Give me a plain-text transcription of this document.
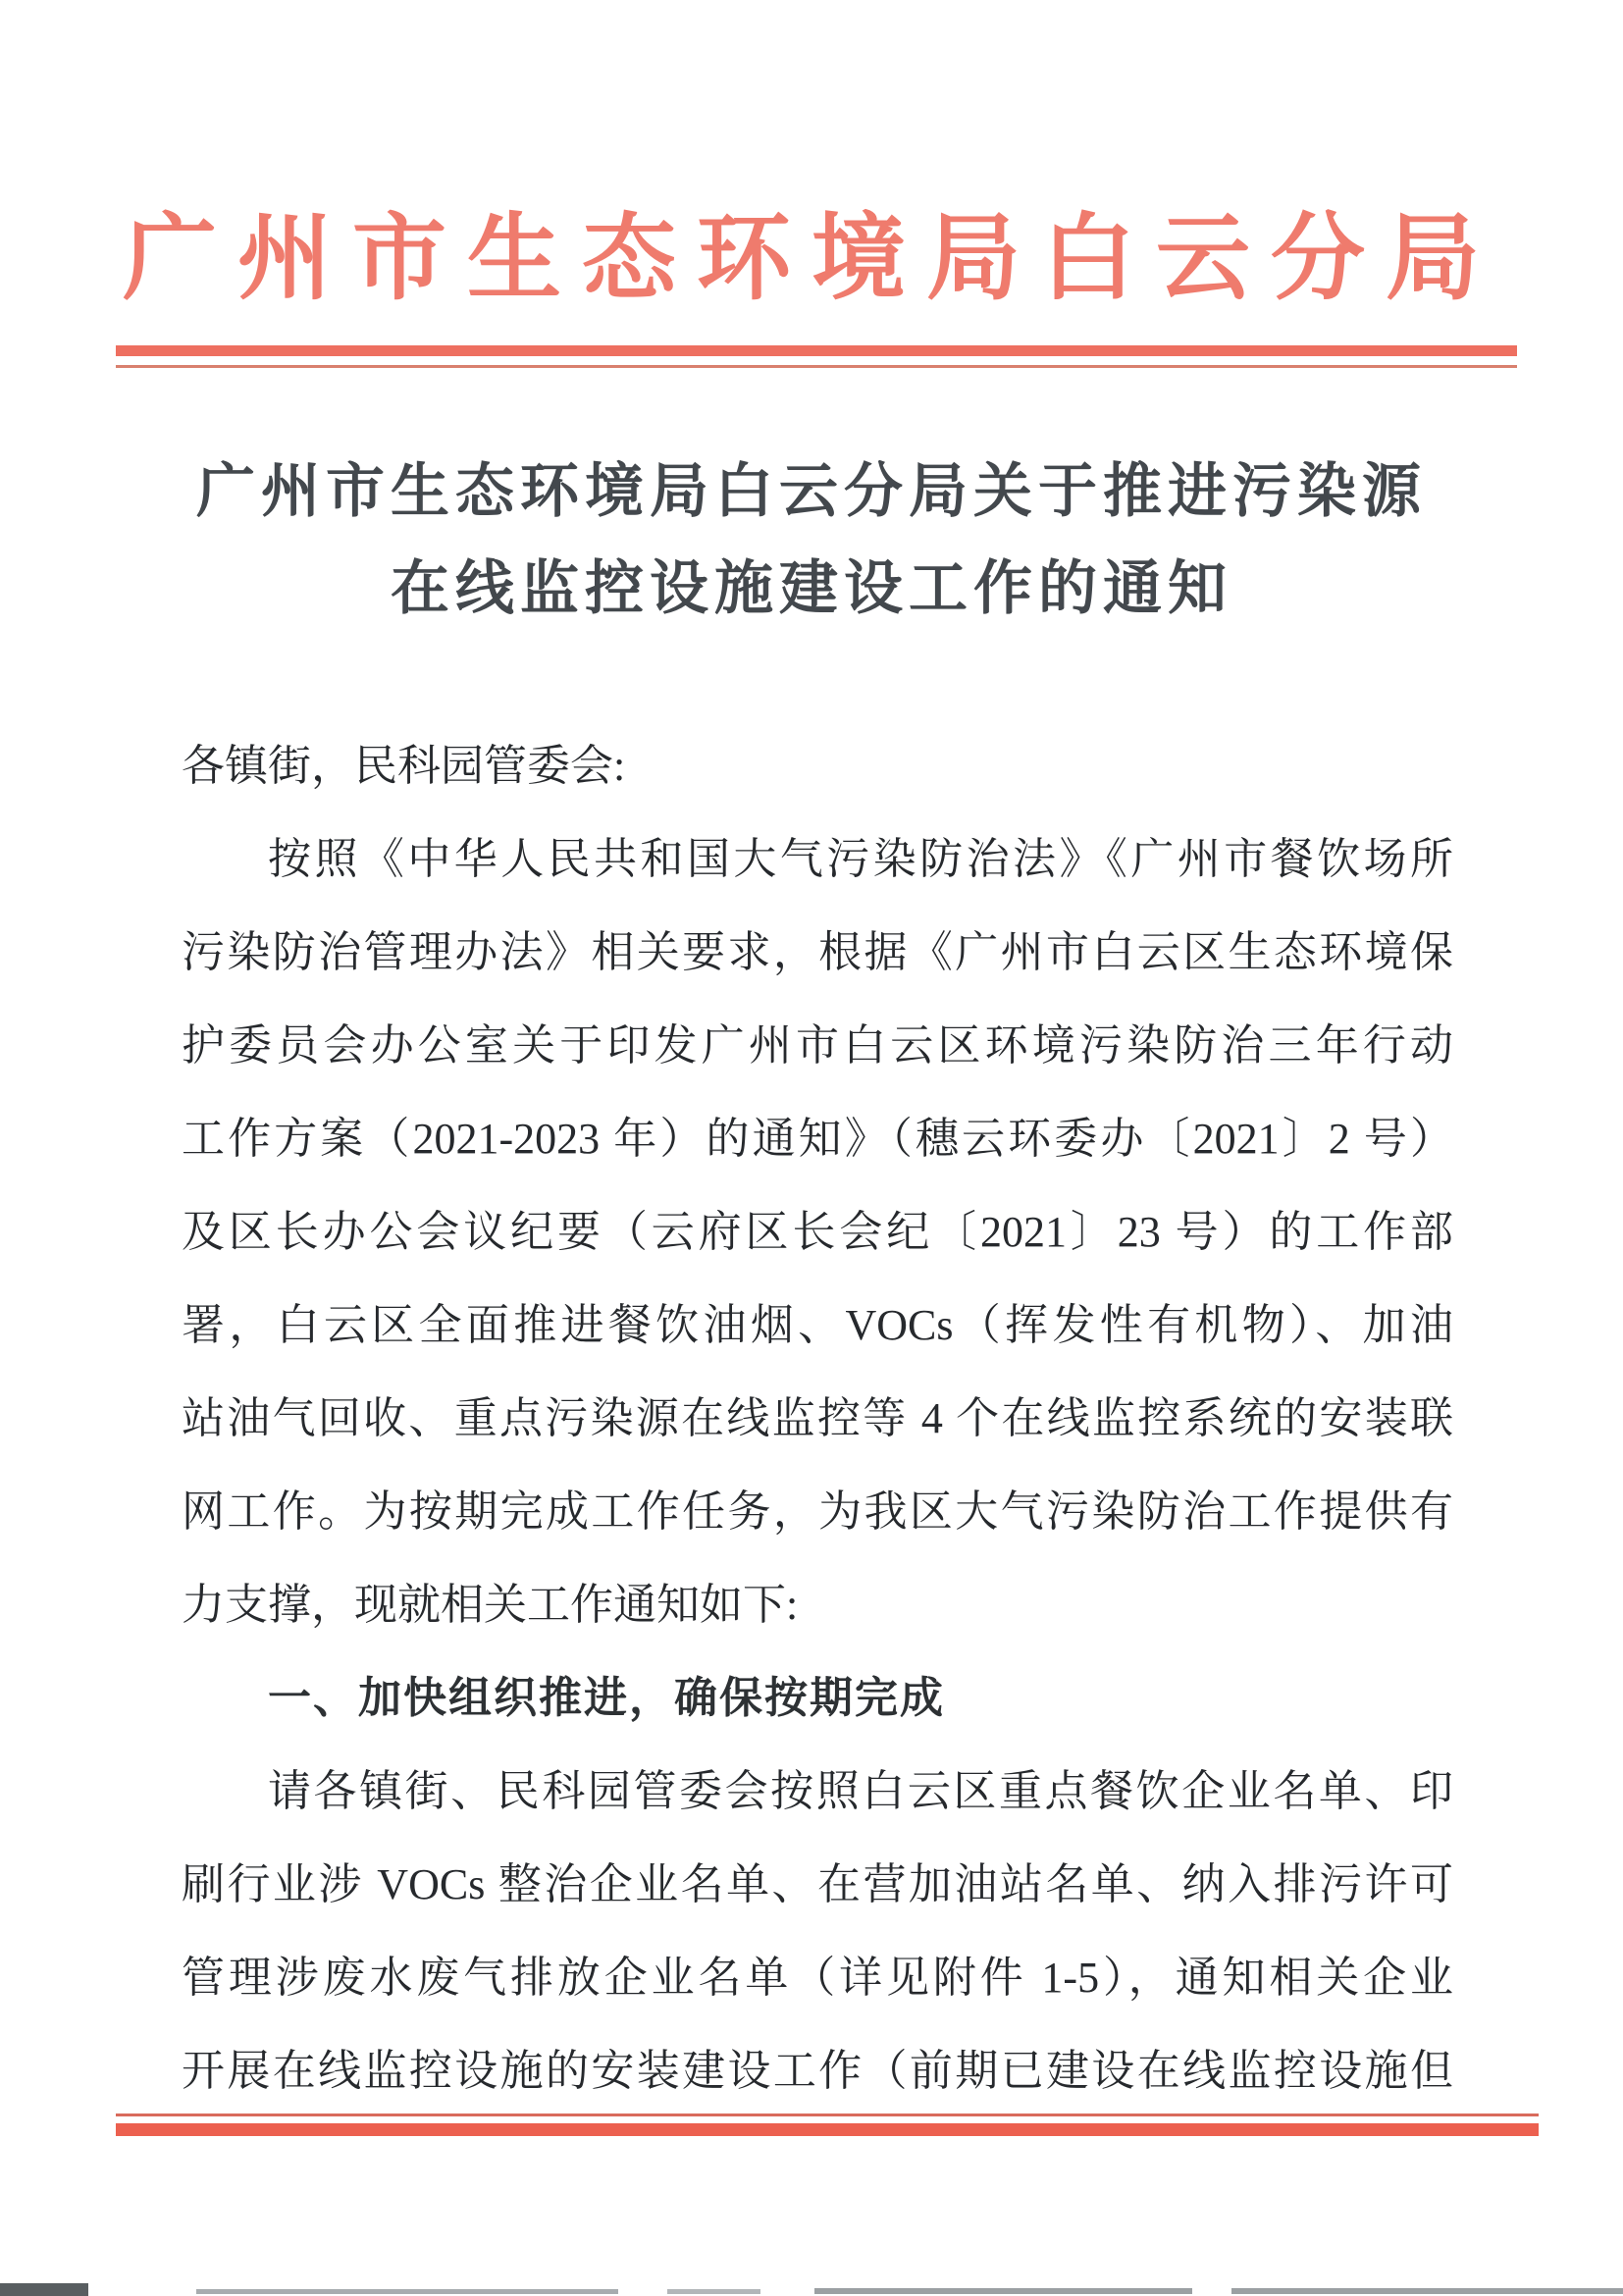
广州市生态环境局白云分局
广州市生态环境局白云分局关于推进污染源
在线监控设施建设工作的通知
各镇街，民科园管委会:
按照《中华人民共和国大气污染防治法》《广州市餐饮场所
污染防治管理办法》相关要求，根据《广州市白云区生态环境保
护委员会办公室关于印发广州市白云区环境污染防治三年行动
工作方案（2021-2023 年）的通知》（穗云环委办〔2021〕2 号）
及区长办公会议纪要（云府区长会纪〔2021〕23 号）的工作部
署，白云区全面推进餐饮油烟、VOCs（挥发性有机物）、加油
站油气回收、重点污染源在线监控等 4 个在线监控系统的安装联
网工作。为按期完成工作任务，为我区大气污染防治工作提供有
力支撑，现就相关工作通知如下:
一、加快组织推进，确保按期完成
请各镇街、民科园管委会按照白云区重点餐饮企业名单、印
刷行业涉 VOCs 整治企业名单、在营加油站名单、纳入排污许可
管理涉废水废气排放企业名单（详见附件 1-5），通知相关企业
开展在线监控设施的安装建设工作（前期已建设在线监控设施但
